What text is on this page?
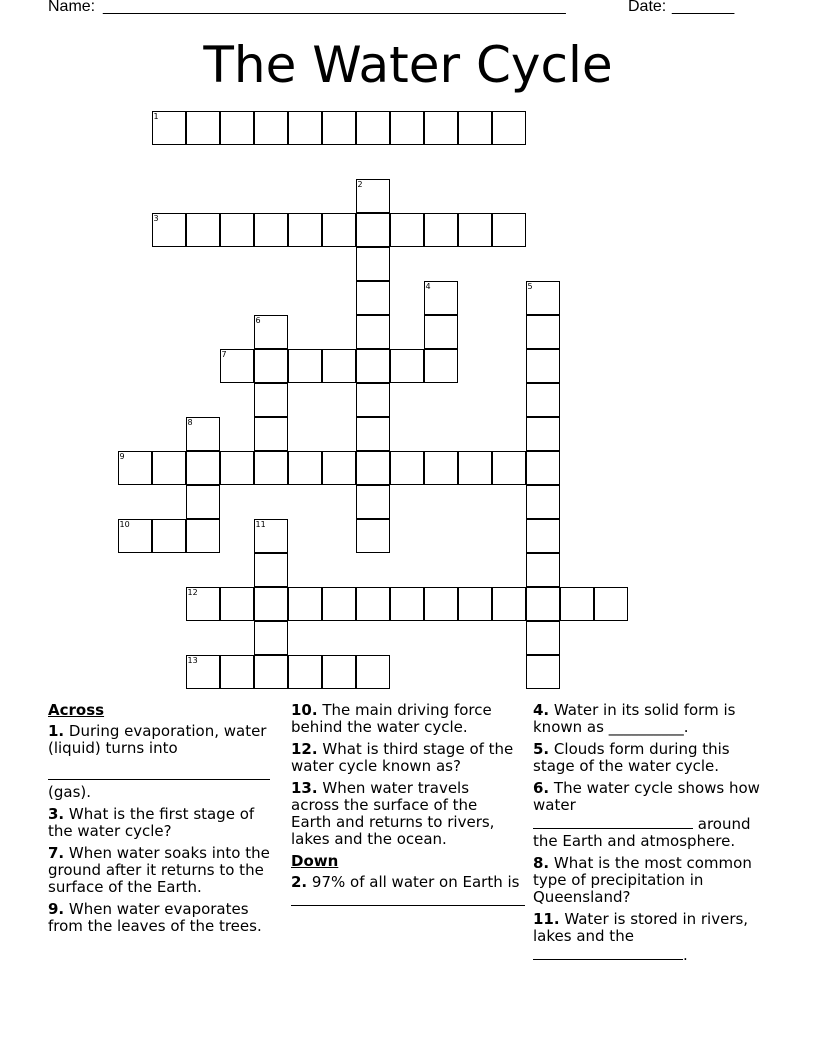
Name: ____________________________________________________	Date: _______
The Water Cycle
1
2
3
4	5
6
7
8
9
10	11
12
13
Across
1. During evaporation, water (liquid) turns into

(gas).
3. What is the first stage of the water cycle?
7. When water soaks into the ground after it returns to the surface of the Earth.
9. When water evaporates from the leaves of the trees.
10. The main driving force behind the water cycle.
12. What is third stage of the water cycle known as?
13. When water travels across the surface of the Earth and returns to rivers, lakes and the ocean.
Down
2. 97% of all water on Earth is

4. Water in its solid form is known as __________.
5. Clouds form during this stage of the water cycle.
6. The water cycle shows how water
around the Earth and atmosphere.
8. What is the most common type of precipitation in Queensland?
11. Water is stored in rivers, lakes and the
.
